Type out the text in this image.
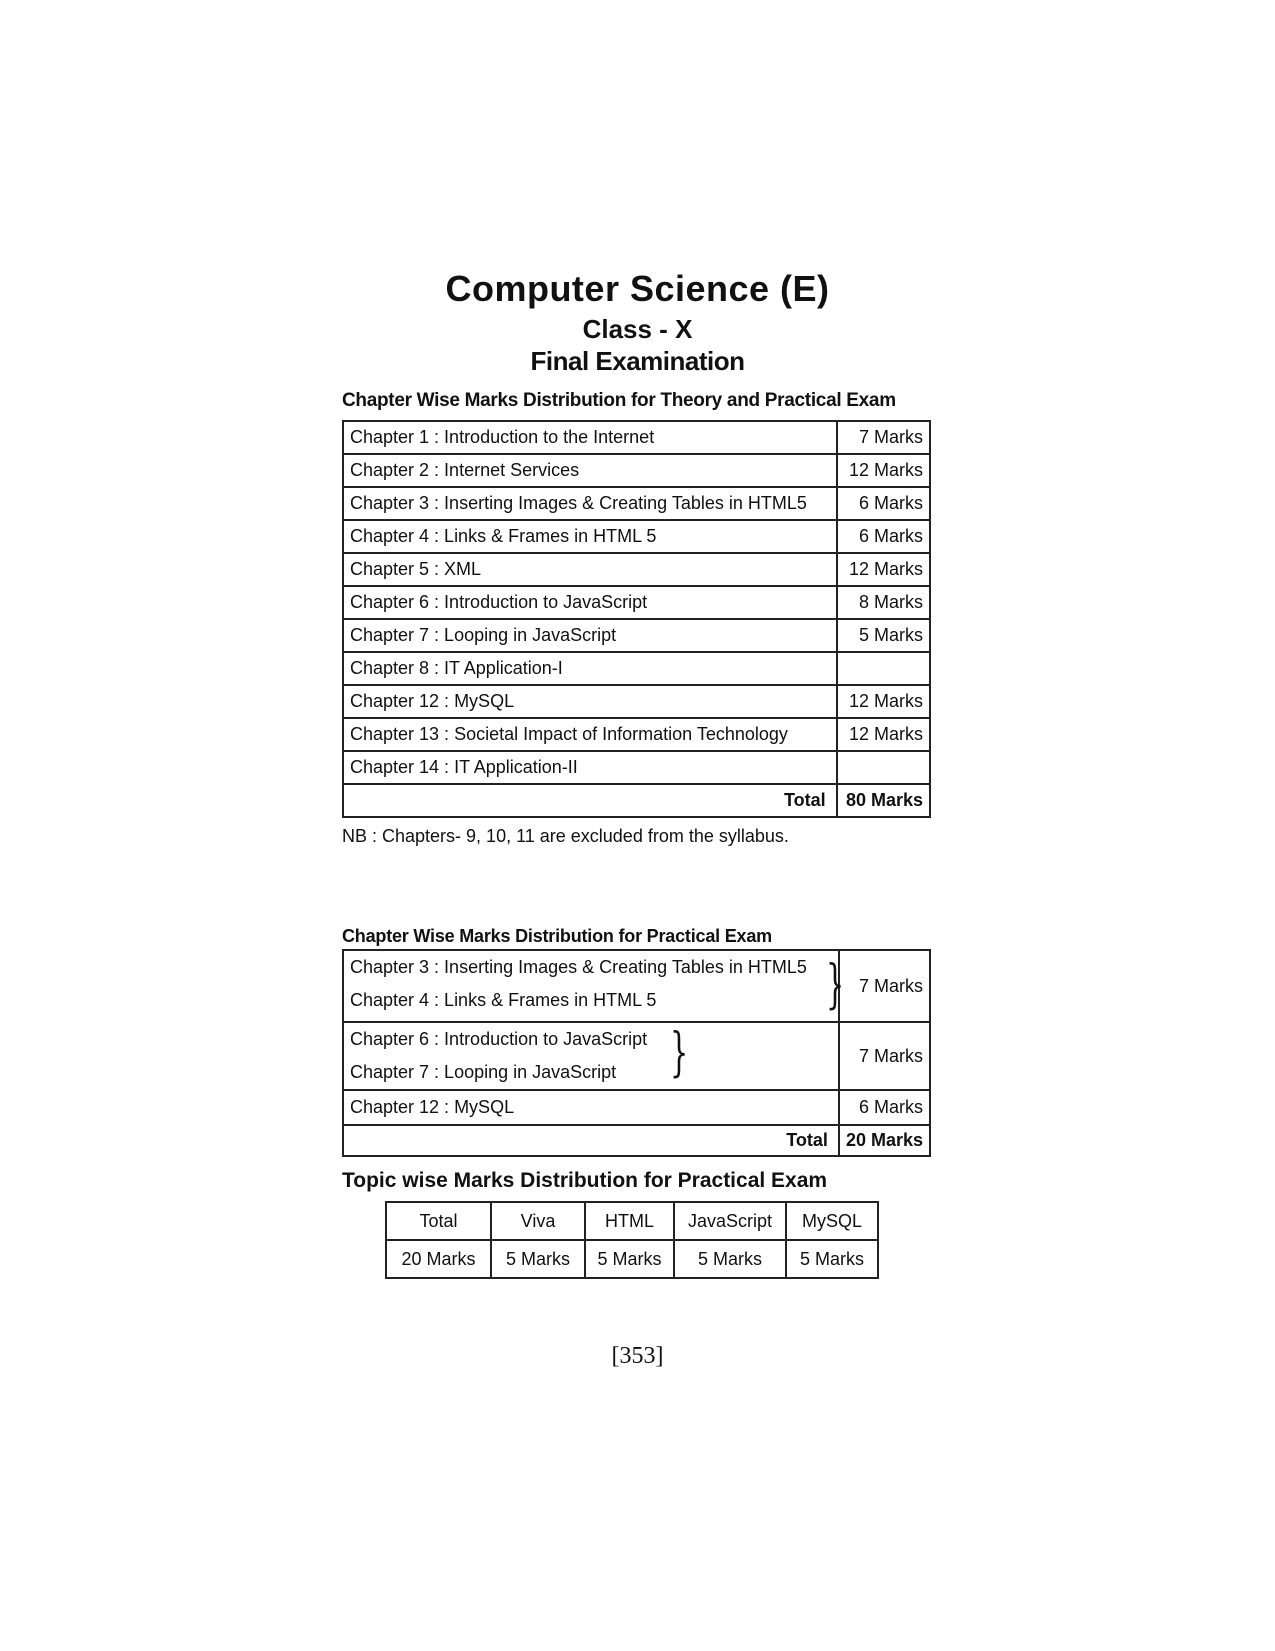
Computer Science (E)
Class - X
Final Examination

Chapter Wise Marks Distribution for Theory and Practical Exam

Chapter 1 : Introduction to the Internet	7 Marks
Chapter 2 : Internet Services	12 Marks
Chapter 3 : Inserting Images & Creating Tables in HTML5	6 Marks
Chapter 4 : Links & Frames in HTML 5	6 Marks
Chapter 5 : XML	12 Marks
Chapter 6 : Introduction to JavaScript	8 Marks
Chapter 7 : Looping in JavaScript	5 Marks
Chapter 8 : IT Application-I	
Chapter 12 : MySQL	12 Marks
Chapter 13 : Societal Impact of Information Technology	12 Marks
Chapter 14 : IT Application-II	
Total	80 Marks

NB : Chapters- 9, 10, 11 are excluded from the syllabus.

Chapter Wise Marks Distribution for Practical Exam

Chapter 3 : Inserting Images & Creating Tables in HTML5
Chapter 4 : Links & Frames in HTML 5 }	7 Marks

Chapter 6 : Introduction to JavaScript
Chapter 7 : Looping in JavaScript }	7 Marks
Chapter 12 : MySQL	6 Marks
Total	20 Marks

Topic wise Marks Distribution for Practical Exam

Total	Viva	HTML	JavaScript	MySQL
20 Marks	5 Marks	5 Marks	5 Marks	5 Marks

[353]
